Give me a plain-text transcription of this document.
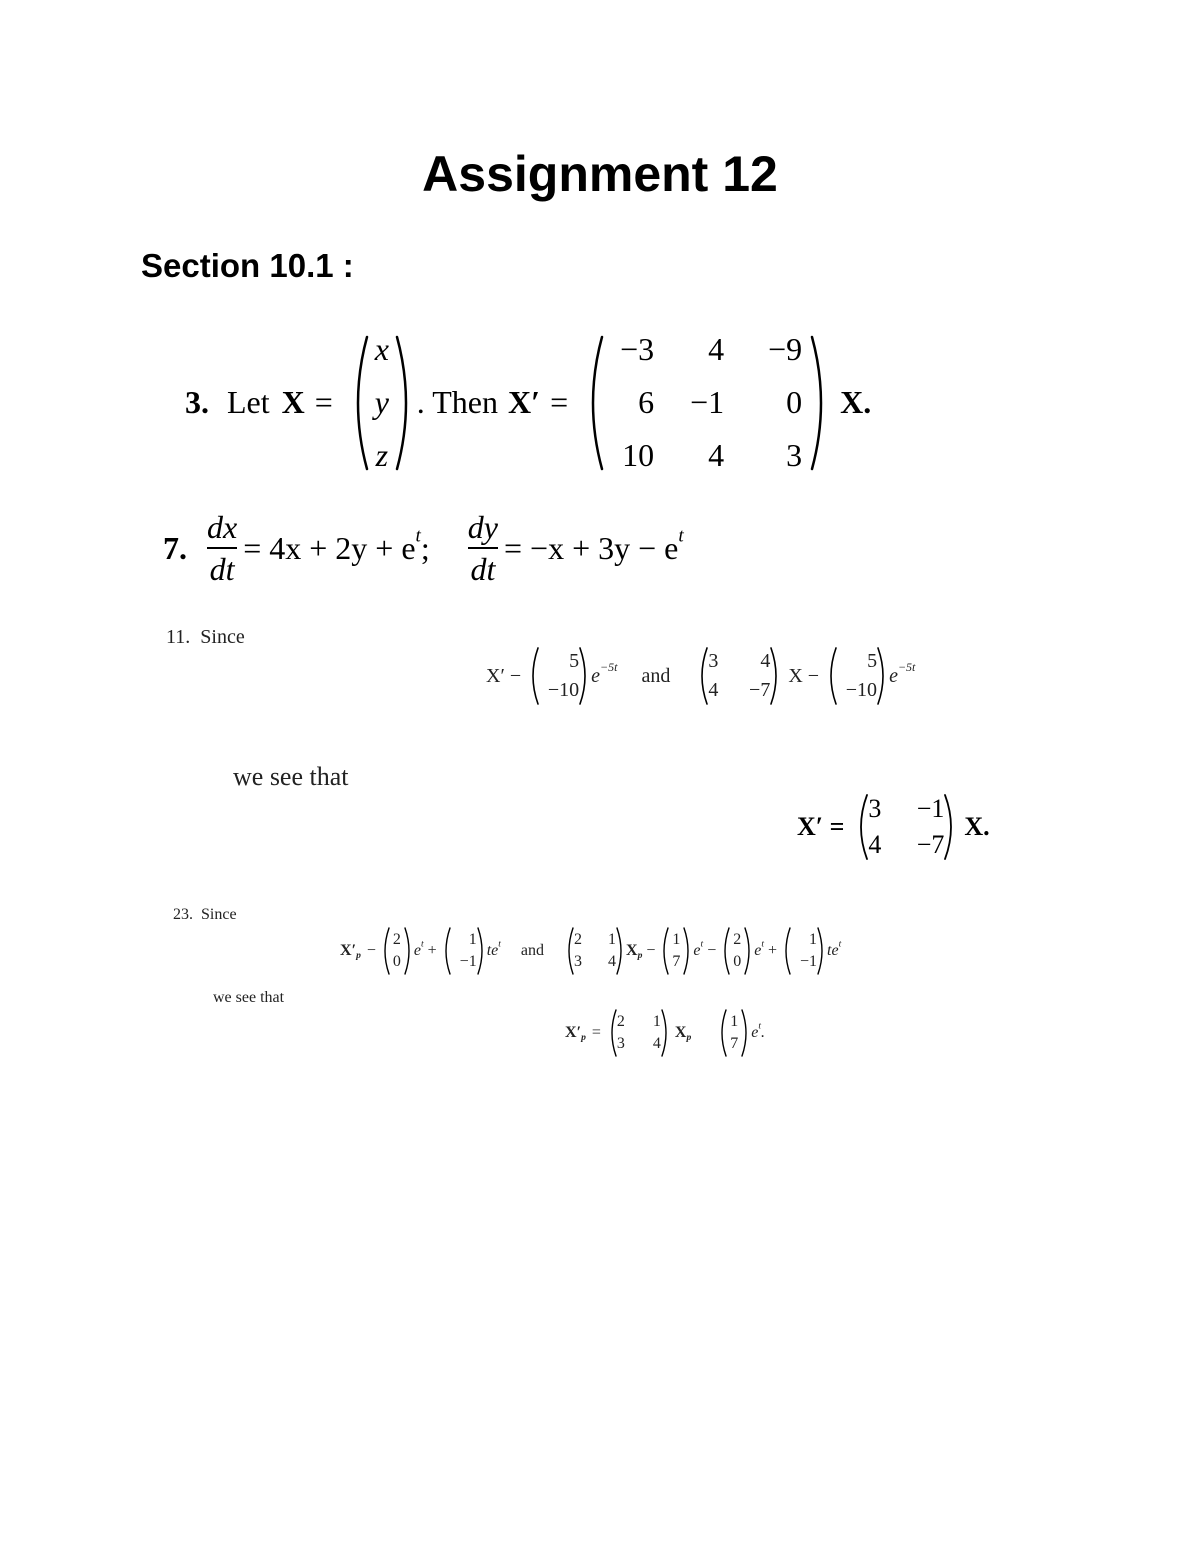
Assignment 12
Section 10.1 :
3. Let X =
x
y
z
. Then X′ =
−3	4	−9
6	−1	0
10	4	3
X.
7. $\frac{dx}{dt} = 4x + 2y + e^t$ ; $\frac{dy}{dt} = -x + 3y - e^t$
11. Since
X′ −
5
−10
$e^{-5t}$ and
3	4
4	−7
X −
5
−10
$e^{-5t}$
we see that
X′ =
3	−1
4	−7
X.
23. Since
$X'_p$ −
2
0
$e^t$ +
1
−1
$te^t$ and
2	1
3	4
$X_p$ −
1
7
$e^t$ −
2
0
$e^t$ +
1
−1
$te^t$
we see that
$X'_p$ =
2	1
3	4
$X_p$
1
7
$e^t$.
